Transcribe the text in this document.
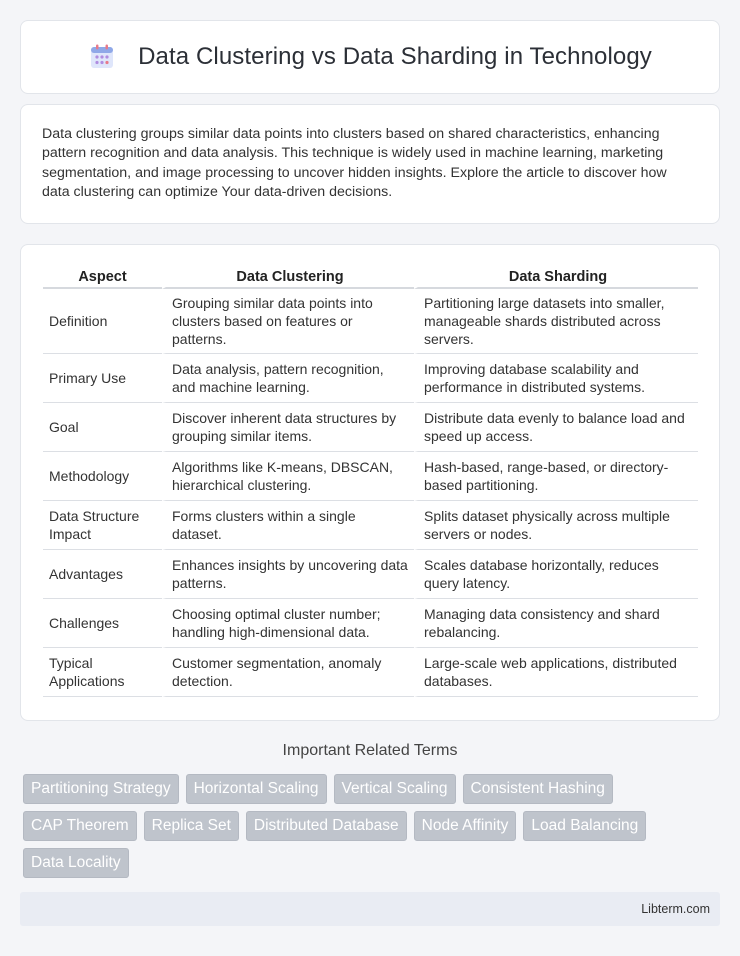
Data Clustering vs Data Sharding in Technology

Data clustering groups similar data points into clusters based on shared characteristics, enhancing pattern recognition and data analysis. This technique is widely used in machine learning, marketing segmentation, and image processing to uncover hidden insights. Explore the article to discover how data clustering can optimize Your data-driven decisions.

Aspect	Data Clustering	Data Sharding
Definition	Grouping similar data points into clusters based on features or patterns.	Partitioning large datasets into smaller, manageable shards distributed across servers.
Primary Use	Data analysis, pattern recognition, and machine learning.	Improving database scalability and performance in distributed systems.
Goal	Discover inherent data structures by grouping similar items.	Distribute data evenly to balance load and speed up access.
Methodology	Algorithms like K-means, DBSCAN, hierarchical clustering.	Hash-based, range-based, or directory-based partitioning.
Data Structure Impact	Forms clusters within a single dataset.	Splits dataset physically across multiple servers or nodes.
Advantages	Enhances insights by uncovering data patterns.	Scales database horizontally, reduces query latency.
Challenges	Choosing optimal cluster number; handling high-dimensional data.	Managing data consistency and shard rebalancing.
Typical Applications	Customer segmentation, anomaly detection.	Large-scale web applications, distributed databases.
Important Related Terms
Partitioning Strategy	Horizontal Scaling	Vertical Scaling	Consistent Hashing
CAP Theorem	Replica Set	Distributed Database	Node Affinity	Load Balancing
Data Locality
Libterm.com
